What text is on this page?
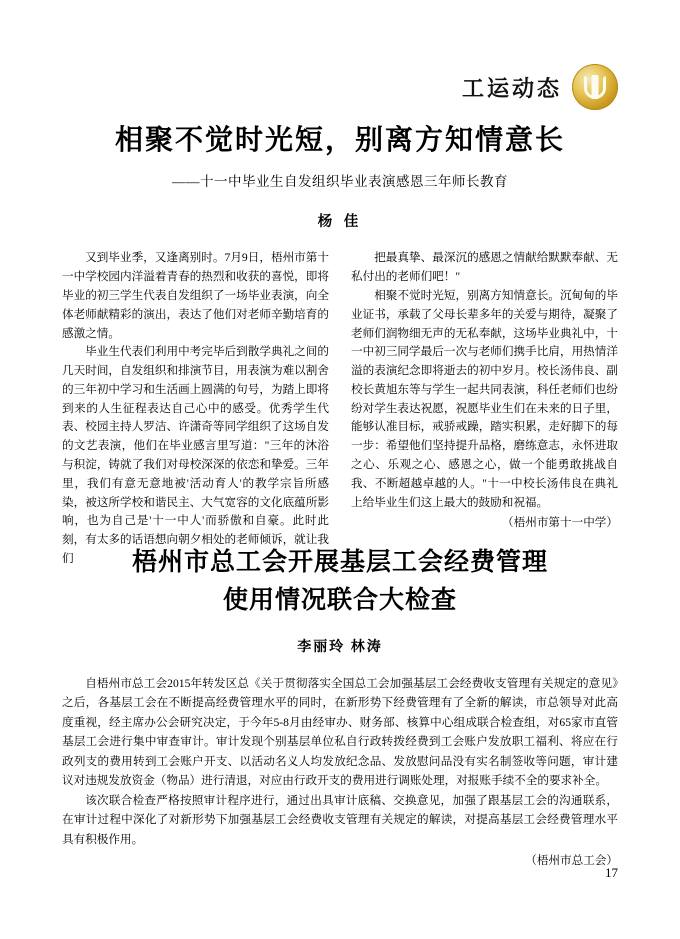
工运动态
相聚不觉时光短，别离方知情意长
——十一中毕业生自发组织毕业表演感恩三年师长教育
杨 佳

又到毕业季，又逢离别时。7月9日，梧州市第十一中学校园内洋溢着青春的热烈和收获的喜悦，即将毕业的初三学生代表自发组织了一场毕业表演，向全体老师献精彩的演出，表达了他们对老师辛勤培育的感激之情。

毕业生代表们利用中考完毕后到散学典礼之间的几天时间，自发组织和排演节目，用表演为难以割舍的三年初中学习和生活画上圆满的句号，为踏上即将到来的人生征程表达自己心中的感受。优秀学生代表、校园主持人罗洁、许潇奇等同学组织了这场自发的文艺表演，他们在毕业感言里写道："三年的沐浴与积淀，铸就了我们对母校深深的依恋和挚爱。三年里，我们有意无意地被'活动育人'的教学宗旨所感染，被这所学校和谐民主、大气宽容的文化底蕴所影响，也为自己是'十一中人'而骄傲和自豪。此时此刻，有太多的话语想向朝夕相处的老师倾诉，就让我们

把最真挚、最深沉的感恩之情献给默默奉献、无私付出的老师们吧！"

相聚不觉时光短，别离方知情意长。沉甸甸的毕业证书，承载了父母长辈多年的关爱与期待，凝聚了老师们润物细无声的无私奉献，这场毕业典礼中，十一中初三同学最后一次与老师们携手比肩，用热情洋溢的表演纪念即将逝去的初中岁月。校长汤伟良、副校长黄旭东等与学生一起共同表演，科任老师们也纷纷对学生表达祝愿，祝愿毕业生们在未来的日子里，能够认准目标，戒骄戒躁，踏实积累，走好脚下的每一步：希望他们坚持提升品格，磨练意志，永怀进取之心、乐观之心、感恩之心，做一个能勇敢挑战自我、不断超越卓越的人。"十一中校长汤伟良在典礼上给毕业生们这上最大的鼓励和祝福。

（梧州市第十一中学）
梧州市总工会开展基层工会经费管理
使用情况联合大检查
李丽玲 林涛

自梧州市总工会2015年转发区总《关于贯彻落实全国总工会加强基层工会经费收支管理有关规定的意见》之后，各基层工会在不断提高经费管理水平的同时，在新形势下经费管理有了全新的解读，市总领导对此高度重视，经主席办公会研究决定，于今年5-8月由经审办、财务部、核算中心组成联合检查组，对65家市直管基层工会进行集中审查审计。审计发现个别基层单位私自行政转拨经费到工会账户发放职工福利、将应在行政列支的费用转到工会账户开支、以活动名义人均发放纪念品、发放慰问品没有实名制签收等问题，审计建议对违规发放资金（物品）进行清退，对应由行政开支的费用进行调账处理，对报账手续不全的要求补全。

该次联合检查严格按照审计程序进行，通过出具审计底稿、交换意见，加强了跟基层工会的沟通联系，在审计过程中深化了对新形势下加强基层工会经费收支管理有关规定的解读，对提高基层工会经费管理水平具有积极作用。

（梧州市总工会）
17
